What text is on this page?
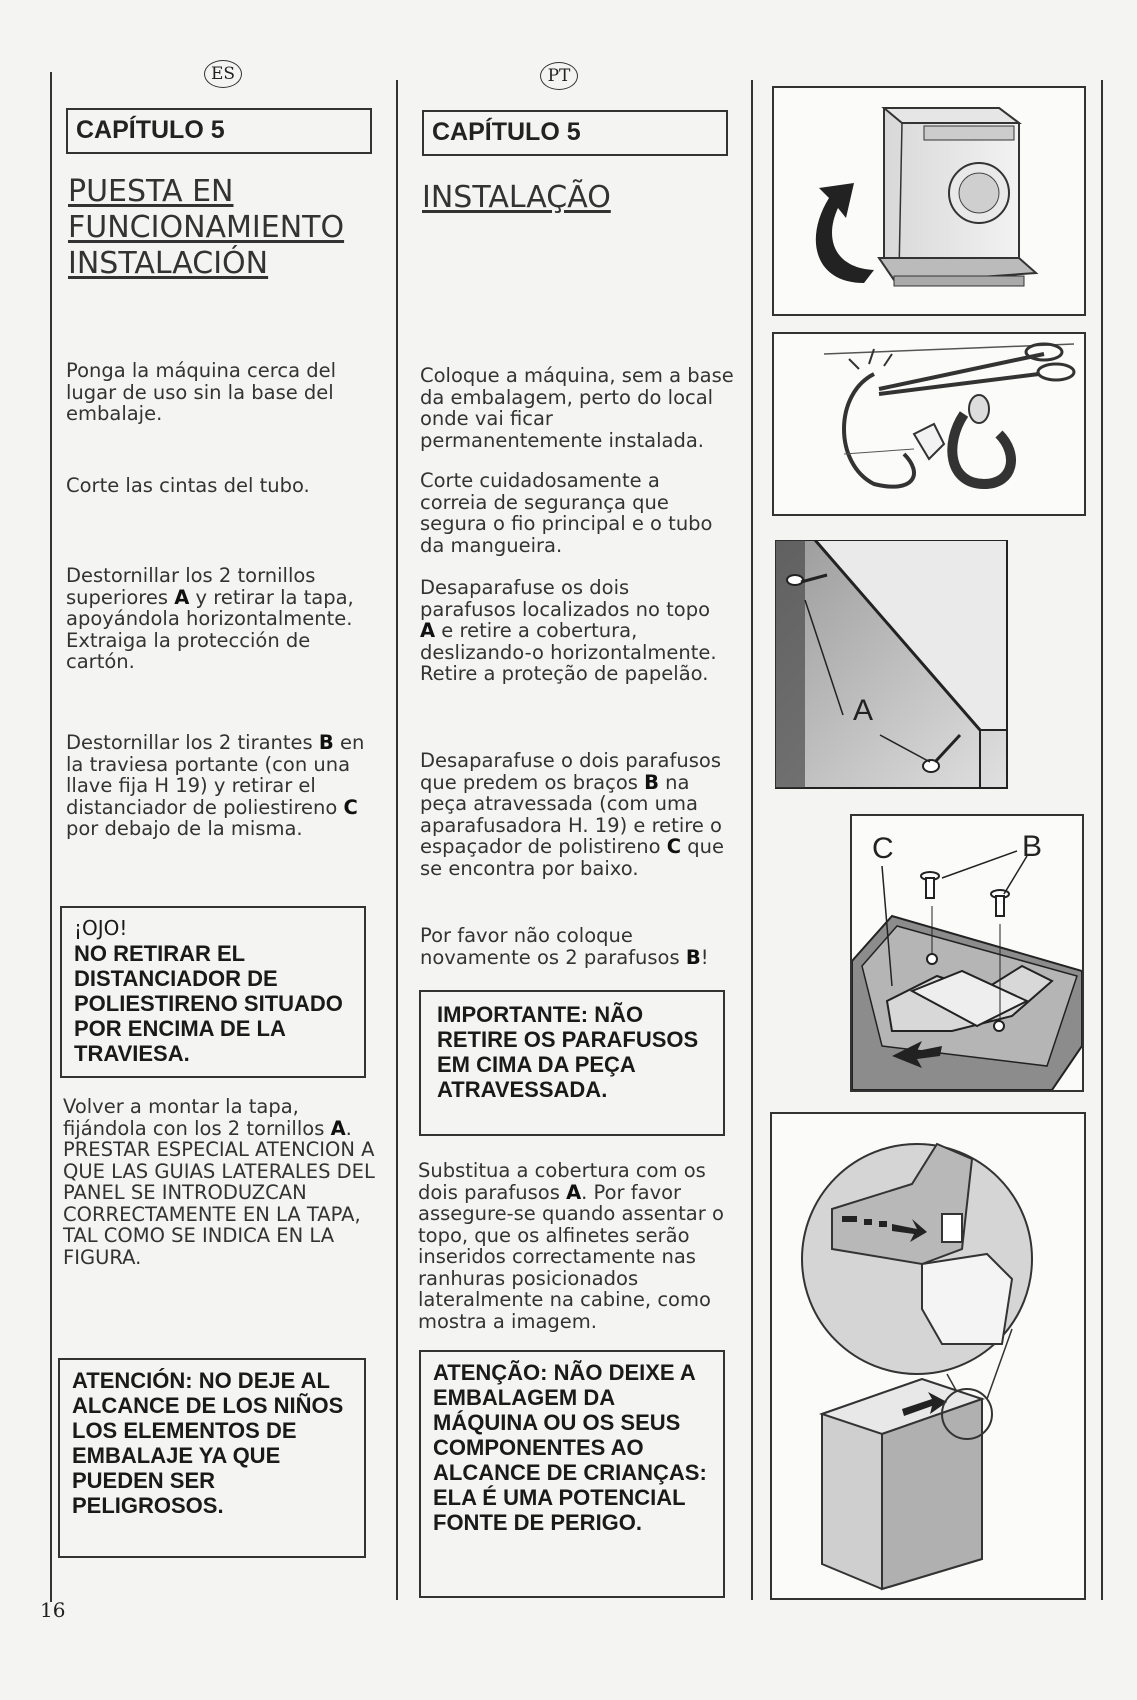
ES
CAPÍTULO 5
PUESTA EN
FUNCIONAMIENTO
INSTALACIÓN

Ponga la máquina cerca del lugar de uso sin la base del embalaje.

Corte las cintas del tubo.

Destornillar los 2 tornillos superiores A y retirar la tapa, apoyándola horizontalmente.
Extraiga la protección de cartón.

Destornillar los 2 tirantes B en la traviesa portante (con una llave fija H 19) y retirar el distanciador de poliestireno C por debajo de la misma.

¡OJO!
NO RETIRAR EL DISTANCIADOR DE POLIESTIRENO SITUADO POR ENCIMA DE LA TRAVIESA.

Volver a montar la tapa, fijándola con los 2 tornillos A.
PRESTAR ESPECIAL ATENCION A QUE LAS GUIAS LATERALES DEL PANEL SE INTRODUZCAN CORRECTAMENTE EN LA TAPA, TAL COMO SE INDICA EN LA FIGURA.

ATENCIÓN: NO DEJE AL ALCANCE DE LOS NIÑOS LOS ELEMENTOS DE EMBALAJE YA QUE PUEDEN SER PELIGROSOS.
16
PT
CAPÍTULO 5
INSTALAÇÃO

Coloque a máquina, sem a base da embalagem, perto do local onde vai ficar permanentemente instalada.

Corte cuidadosamente a correia de segurança que segura o fio principal e o tubo da mangueira.

Desaparafuse os dois parafusos localizados no topo A e retire a cobertura, deslizando-o horizontalmente.
Retire a proteção de papelão.

Desaparafuse o dois parafusos que predem os braços B na peça atravessada (com uma aparafusadora H. 19) e retire o espaçador de polistireno C que se encontra por baixo.

Por favor não coloque novamente os 2 parafusos B!

IMPORTANTE: NÃO RETIRE OS PARAFUSOS EM CIMA DA PEÇA ATRAVESSADA.

Substitua a cobertura com os dois parafusos A. Por favor assegure-se quando assentar o topo, que os alfinetes serão inseridos correctamente nas ranhuras posicionados lateralmente na cabine, como mostra a imagem.

ATENÇÃO: NÃO DEIXE A EMBALAGEM DA MÁQUINA OU OS SEUS COMPONENTES AO ALCANCE DE CRIANÇAS: ELA É UMA POTENCIAL FONTE DE PERIGO.
A
C	B
